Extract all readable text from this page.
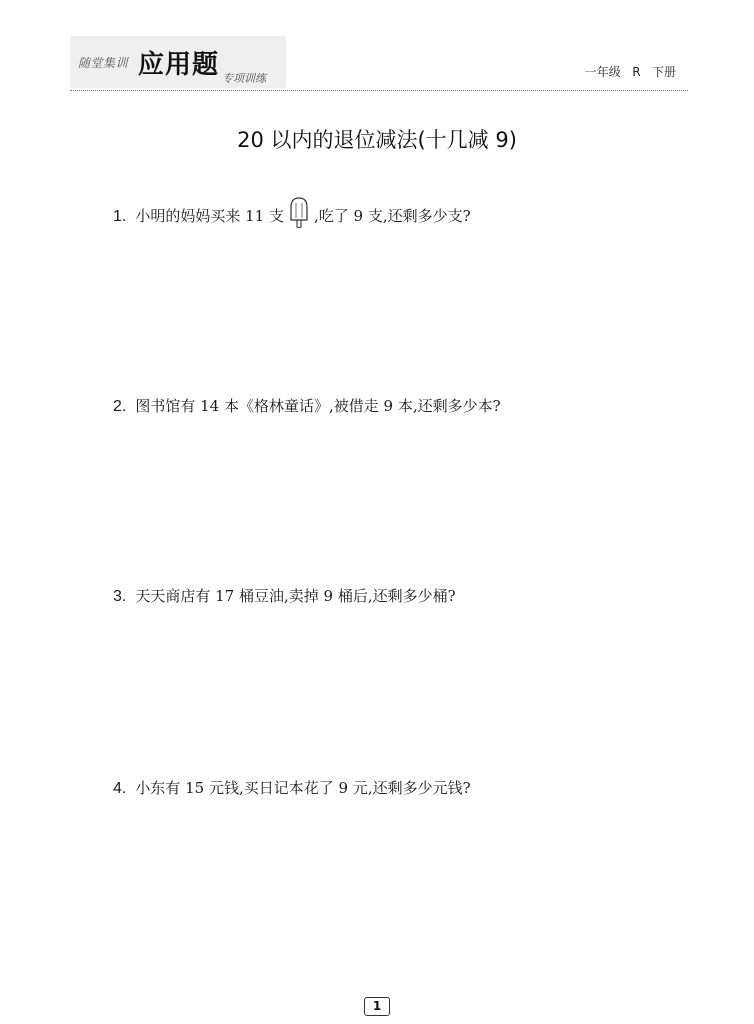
随堂集训 应用题 专项训练	一年级   R   下册
20 以内的退位减法(十几减 9)
1. 小明的妈妈买来 11 支 ,吃了 9 支,还剩多少支?
2. 图书馆有 14 本《格林童话》,被借走 9 本,还剩多少本?
3. 天天商店有 17 桶豆油,卖掉 9 桶后,还剩多少桶?
4. 小东有 15 元钱,买日记本花了 9 元,还剩多少元钱?
1
